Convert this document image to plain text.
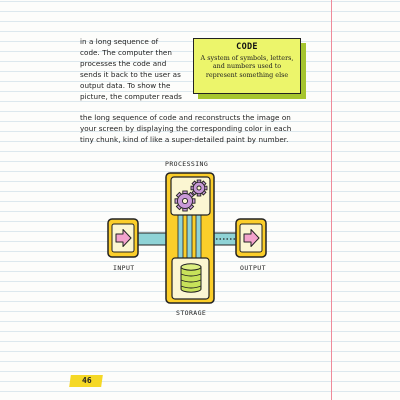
in a long sequence of
code. The computer then
processes the code and
sends it back to the user as
output data. To show the
picture, the computer reads

the long sequence of code and reconstructs the image on
your screen by displaying the corresponding color in each
tiny chunk, kind of like a super-detailed paint by number.

CODE
A system of symbols, letters, and numbers used to represent something else
PROCESSING
INPUT	OUTPUT
STORAGE
46
